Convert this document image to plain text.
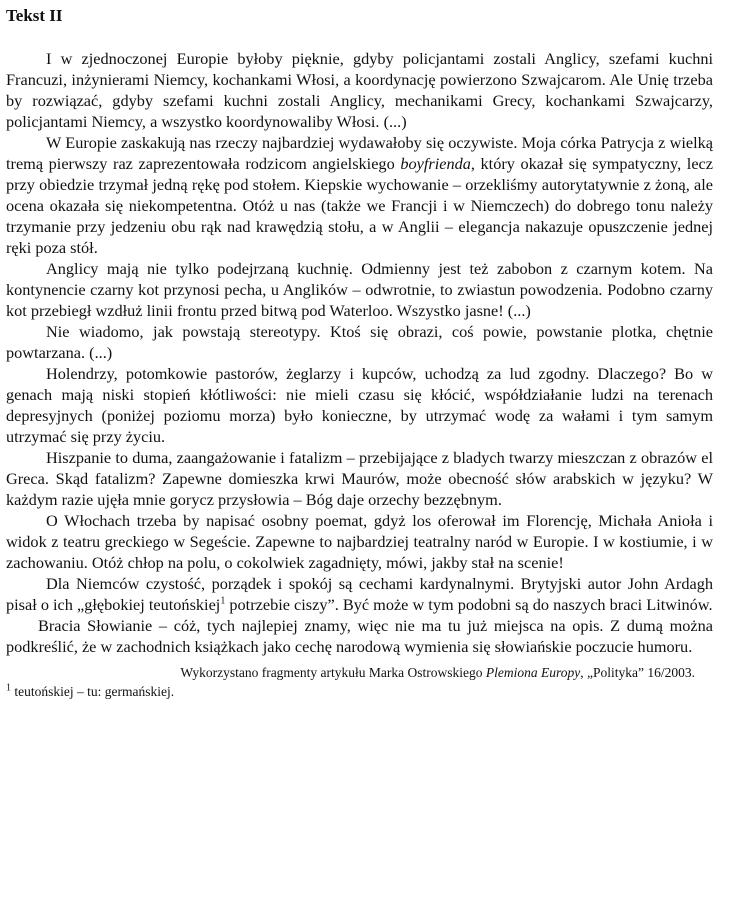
Tekst II

I w zjednoczonej Europie byłoby pięknie, gdyby policjantami zostali Anglicy, szefami kuchni Francuzi, inżynierami Niemcy, kochankami Włosi, a koordynację powierzono Szwajcarom. Ale Unię trzeba by rozwiązać, gdyby szefami kuchni zostali Anglicy, mechanikami Grecy, kochankami Szwajcarzy, policjantami Niemcy, a wszystko koordynowaliby Włosi. (...)

W Europie zaskakują nas rzeczy najbardziej wydawałoby się oczywiste. Moja córka Patrycja z wielką tremą pierwszy raz zaprezentowała rodzicom angielskiego boyfrienda, który okazał się sympatyczny, lecz przy obiedzie trzymał jedną rękę pod stołem. Kiepskie wychowanie – orzekliśmy autorytatywnie z żoną, ale ocena okazała się niekompetentna. Otóż u nas (także we Francji i w Niemczech) do dobrego tonu należy trzymanie przy jedzeniu obu rąk nad krawędzią stołu, a w Anglii – elegancja nakazuje opuszczenie jednej ręki poza stół.

Anglicy mają nie tylko podejrzaną kuchnię. Odmienny jest też zabobon z czarnym kotem. Na kontynencie czarny kot przynosi pecha, u Anglików – odwrotnie, to zwiastun powodzenia. Podobno czarny kot przebiegł wzdłuż linii frontu przed bitwą pod Waterloo. Wszystko jasne! (...)

Nie wiadomo, jak powstają stereotypy. Ktoś się obrazi, coś powie, powstanie plotka, chętnie powtarzana. (...)

Holendrzy, potomkowie pastorów, żeglarzy i kupców, uchodzą za lud zgodny. Dlaczego? Bo w genach mają niski stopień kłótliwości: nie mieli czasu się kłócić, współdziałanie ludzi na terenach depresyjnych (poniżej poziomu morza) było konieczne, by utrzymać wodę za wałami i tym samym utrzymać się przy życiu.

Hiszpanie to duma, zaangażowanie i fatalizm – przebijające z bladych twarzy mieszczan z obrazów el Greca. Skąd fatalizm? Zapewne domieszka krwi Maurów, może obecność słów arabskich w języku? W każdym razie ujęła mnie gorycz przysłowia – Bóg daje orzechy bezzębnym.

O Włochach trzeba by napisać osobny poemat, gdyż los oferował im Florencję, Michała Anioła i widok z teatru greckiego w Segeście. Zapewne to najbardziej teatralny naród w Europie. I w kostiumie, i w zachowaniu. Otóż chłop na polu, o cokolwiek zagadnięty, mówi, jakby stał na scenie!

Dla Niemców czystość, porządek i spokój są cechami kardynalnymi. Brytyjski autor John Ardagh pisał o ich „głębokiej teutońskiej$^1$ potrzebie ciszy”. Być może w tym podobni są do naszych braci Litwinów.

Bracia Słowianie – cóż, tych najlepiej znamy, więc nie ma tu już miejsca na opis. Z dumą można podkreślić, że w zachodnich książkach jako cechę narodową wymienia się słowiańskie poczucie humoru.

Wykorzystano fragmenty artykułu Marka Ostrowskiego Plemiona Europy, „Polityka” 16/2003.
$^1$ teutońskiej – tu: germańskiej.
